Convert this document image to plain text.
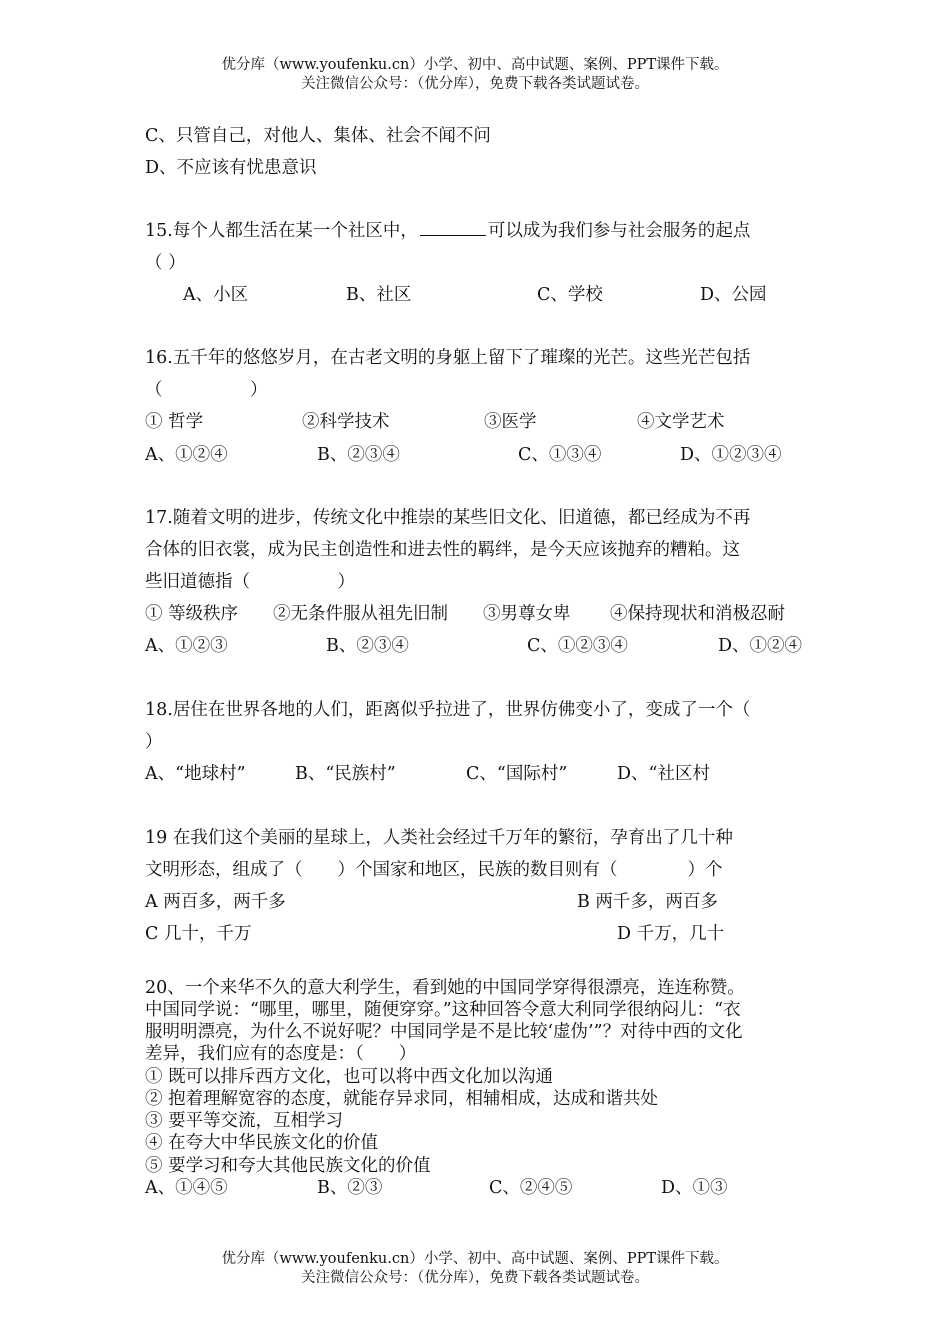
优分库（www.youfenku.cn）小学、初中、高中试题、案例、PPT课件下载。
关注微信公众号：（优分库），免费下载各类试题试卷。
C、只管自己，对他人、集体、社会不闻不问
D、不应该有忧患意识
15.每个人都生活在某一个社区中，	可以成为我们参与社会服务的起点
（ ）
A、小区	B、社区	C、学校	D、公园
16.五千年的悠悠岁月，在古老文明的身躯上留下了璀璨的光芒。这些光芒包括
（　　　　　）
① 哲学	②科学技术	③医学	④文学艺术
A、①②④	B、②③④	C、①③④	D、①②③④
17.随着文明的进步，传统文化中推崇的某些旧文化、旧道德，都已经成为不再
合体的旧衣裳，成为民主创造性和进去性的羁绊，是今天应该抛弃的糟粕。这
些旧道德指（　　　　　）
① 等级秩序 ②无条件服从祖先旧制 ③男尊女卑 ④保持现状和消极忍耐
A、①②③	B、②③④	C、①②③④	D、①②④
18.居住在世界各地的人们，距离似乎拉进了，世界仿佛变小了，变成了一个（
）
A、“地球村”	B、“民族村”	C、“国际村”	D、“社区村
19 在我们这个美丽的星球上，人类社会经过千万年的繁衍，孕育出了几十种
文明形态，组成了（　　）个国家和地区，民族的数目则有（　　　　）个
A 两百多，两千多	B 两千多，两百多
C 几十，千万	D 千万，几十
20、一个来华不久的意大利学生，看到她的中国同学穿得很漂亮，连连称赞。
中国同学说：“哪里，哪里，随便穿穿。”这种回答令意大利同学很纳闷儿：“衣
服明明漂亮，为什么不说好呢？中国同学是不是比较‘虚伪’”？对待中西的文化
差异，我们应有的态度是：（　　）
① 既可以排斥西方文化，也可以将中西文化加以沟通
② 抱着理解宽容的态度，就能存异求同，相辅相成，达成和谐共处
③ 要平等交流，互相学习
④ 在夸大中华民族文化的价值
⑤ 要学习和夸大其他民族文化的价值
A、①④⑤	B、②③	C、②④⑤	D、①③
优分库（www.youfenku.cn）小学、初中、高中试题、案例、PPT课件下载。
关注微信公众号：（优分库），免费下载各类试题试卷。
